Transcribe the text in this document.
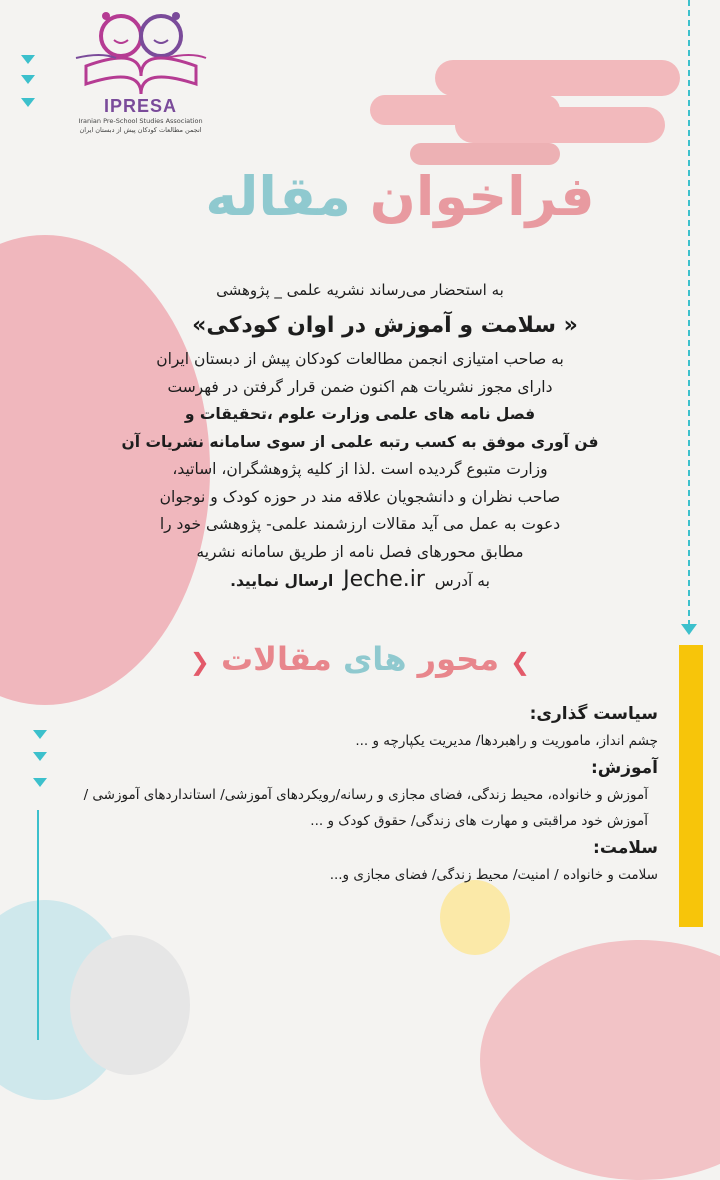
IPRESA
Iranian Pre-School Studies Association
انجمن مطالعات کودکان پیش از دبستان ایران
فراخوان مقاله
به استحضار می‌رساند نشریه علمی _ پژوهشی
« سلامت و آموزش در اوان کودکی»
به صاحب امتیازی انجمن مطالعات کودکان پیش از دبستان ایران
دارای مجوز نشریات هم اکنون ضمن قرار گرفتن در فهرست
فصل نامه های علمی وزارت علوم ،تحقیقات و
فن آوری موفق به کسب رتبه علمی از سوی سامانه نشریات آن
وزارت متبوع گردیده است .لذا از کلیه پژوهشگران، اساتید،
صاحب نظران و دانشجویان علاقه مند در حوزه کودک و نوجوان
دعوت به عمل می آید مقالات ارزشمند علمی- پژوهشی خود را
مطابق محورهای فصل نامه از طریق سامانه نشریه
به آدرس  Jeche.ir  ارسال نمایید.
❯ محور های مقالات ❮
سیاست گذاری:

چشم انداز، ماموریت و راهبردها/ مدیریت یکپارچه و ...

آموزش:

آموزش و خانواده، محیط زندگی، فضای مجازی و رسانه/رویکردهای آموزشی/ استانداردهای آموزشی /آموزش خود مراقبتی و مهارت های زندگی/ حقوق کودک و ...

سلامت:

سلامت و خانواده / امنیت/ محیط زندگی/ فضای مجازی و...
